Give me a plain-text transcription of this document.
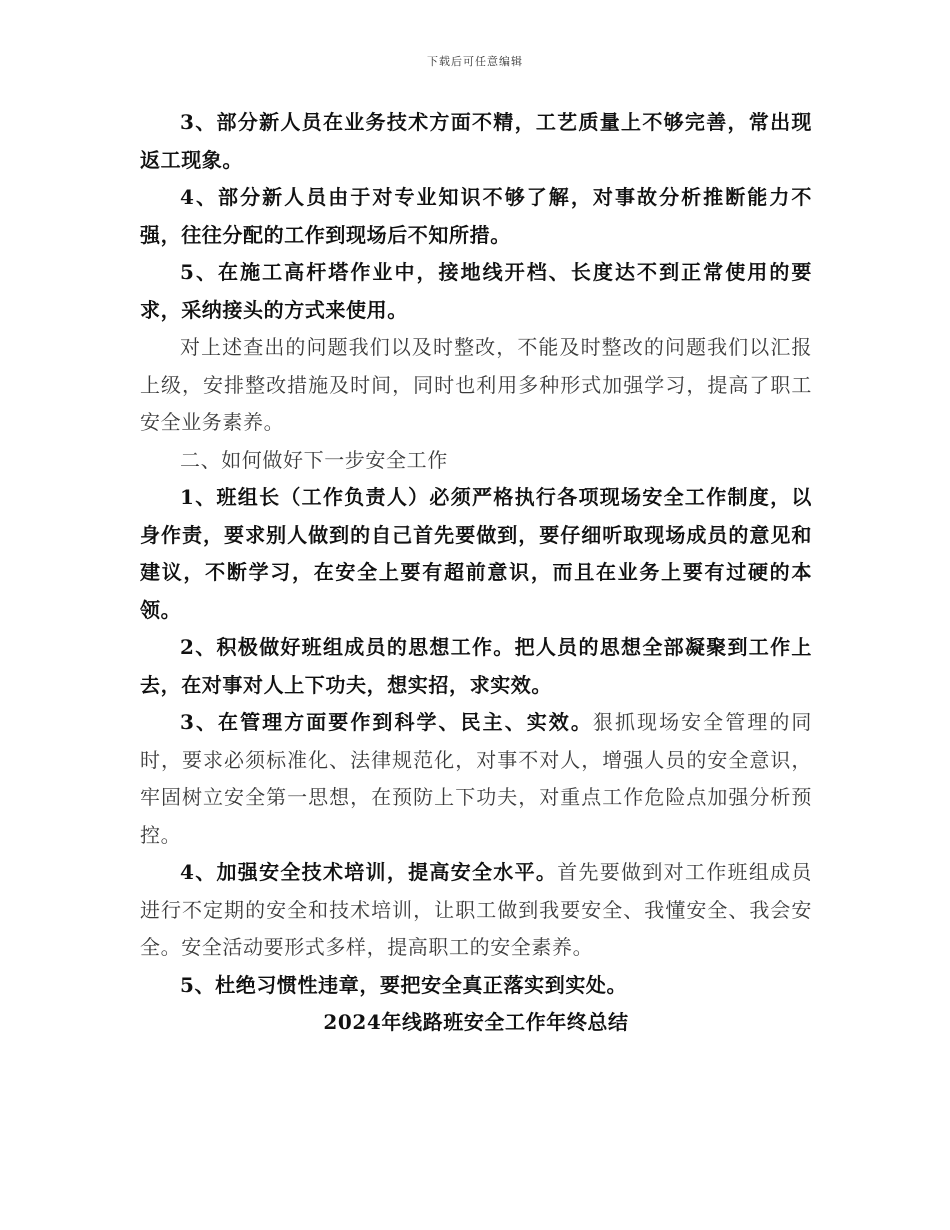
下载后可任意编辑

3、部分新人员在业务技术方面不精，工艺质量上不够完善，常出现返工现象。

4、部分新人员由于对专业知识不够了解，对事故分析推断能力不强，往往分配的工作到现场后不知所措。

5、在施工高杆塔作业中，接地线开档、长度达不到正常使用的要求，采纳接头的方式来使用。

对上述查出的问题我们以及时整改，不能及时整改的问题我们以汇报上级，安排整改措施及时间，同时也利用多种形式加强学习，提高了职工安全业务素养。

二、如何做好下一步安全工作

1、班组长（工作负责人）必须严格执行各项现场安全工作制度，以身作责，要求别人做到的自己首先要做到，要仔细听取现场成员的意见和建议，不断学习，在安全上要有超前意识，而且在业务上要有过硬的本领。

2、积极做好班组成员的思想工作。把人员的思想全部凝聚到工作上去，在对事对人上下功夫，想实招，求实效。

3、在管理方面要作到科学、民主、实效。狠抓现场安全管理的同时，要求必须标准化、法律规范化，对事不对人，增强人员的安全意识，牢固树立安全第一思想，在预防上下功夫，对重点工作危险点加强分析预控。

4、加强安全技术培训，提高安全水平。首先要做到对工作班组成员进行不定期的安全和技术培训，让职工做到我要安全、我懂安全、我会安全。安全活动要形式多样，提高职工的安全素养。

5、杜绝习惯性违章，要把安全真正落实到实处。

2024年线路班安全工作年终总结
